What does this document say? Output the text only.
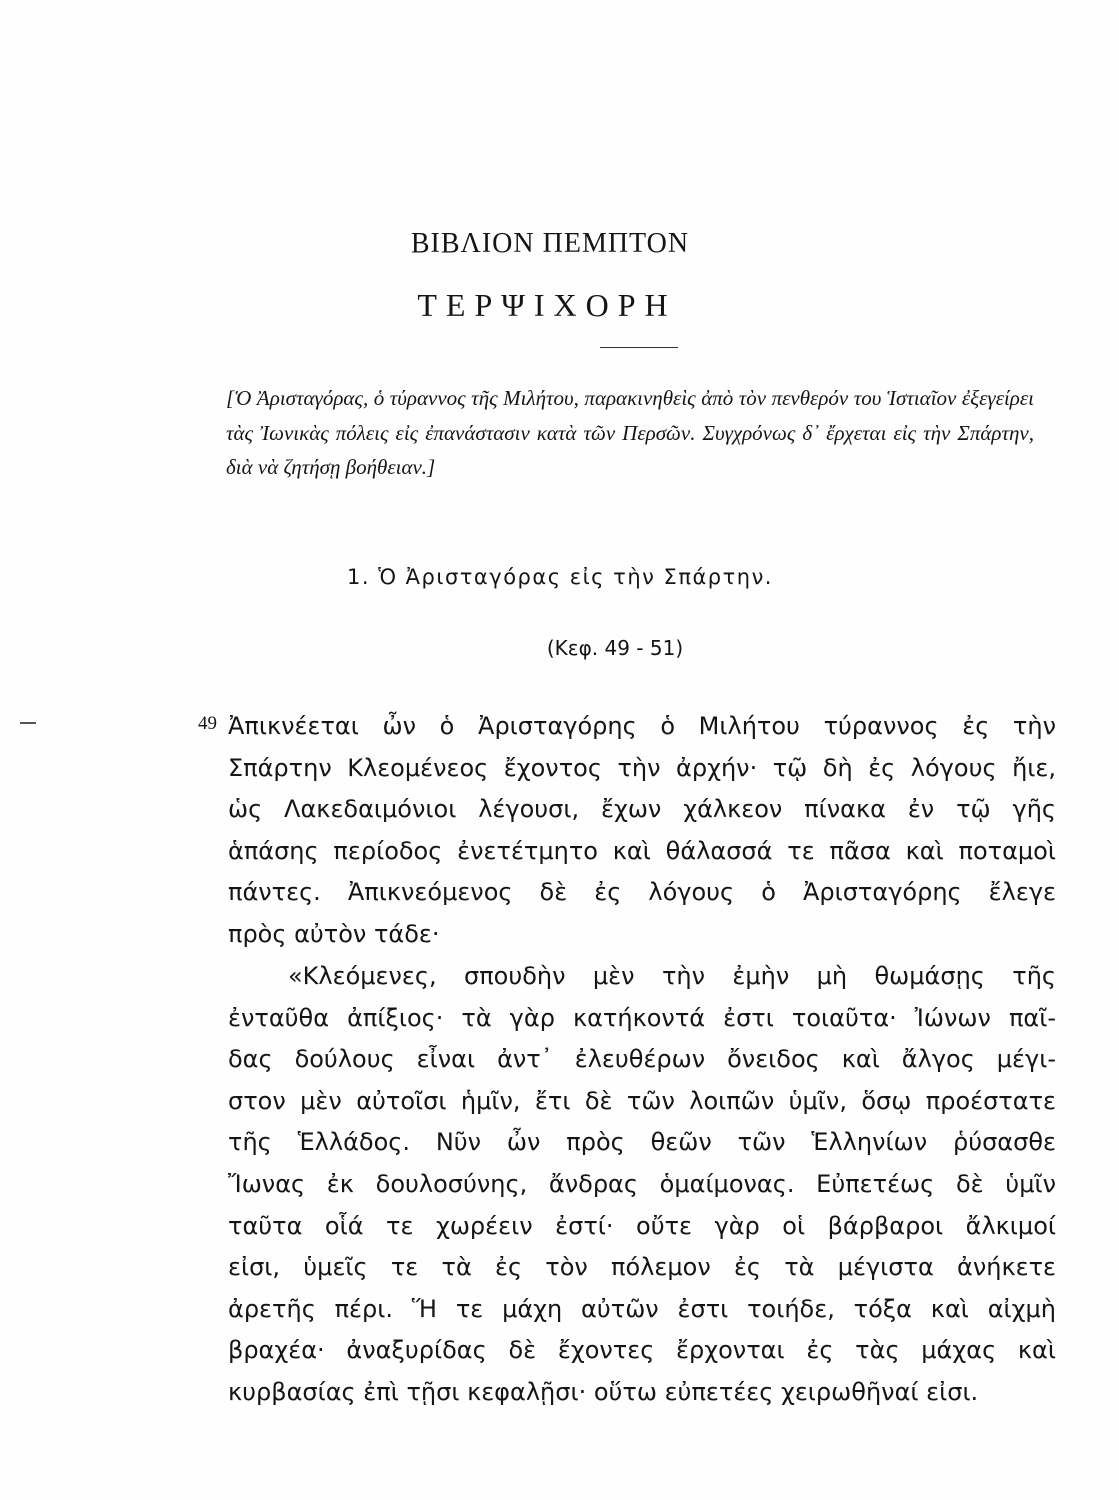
ΒΙΒΛΙΟΝ ΠΕΜΠΤΟΝ
ΤΕΡΨΙΧΟΡΗ
[Ὁ Ἀρισταγόρας, ὁ τύραννος τῆς Μιλήτου, παρακινηθεὶς ἀπὸ τὸν πενθερόν του Ἱστιαῖον ἐξεγείρει τὰς Ἰωνικὰς πόλεις εἰς ἐπανάστασιν κατὰ τῶν Περσῶν. Συγχρόνως δ᾽ ἔρχεται εἰς τὴν Σπάρτην, διὰ νὰ ζητήσῃ βοήθειαν.]
1. Ὁ Ἀρισταγόρας εἰς τὴν Σπάρτην.
(Κεφ. 49 - 51)
49 Ἀπικνέεται ὦν ὁ Ἀρισταγόρης ὁ Μιλήτου τύραννος ἐς τὴν
Σπάρτην Κλεομένεος ἔχοντος τὴν ἀρχήν· τῷ δὴ ἐς λόγους ἤιε,
ὡς Λακεδαιμόνιοι λέγουσι, ἔχων χάλκεον πίνακα ἐν τῷ γῆς
ἁπάσης περίοδος ἐνετέτμητο καὶ θάλασσά τε πᾶσα καὶ ποταμοὶ
πάντες. Ἀπικνεόμενος δὲ ἐς λόγους ὁ Ἀρισταγόρης ἔλεγε
πρὸς αὐτὸν τάδε·
«Κλεόμενες, σπουδὴν μὲν τὴν ἐμὴν μὴ θωμάσῃς τῆς
ἐνταῦθα ἀπίξιος· τὰ γὰρ κατήκοντά ἐστι τοιαῦτα· Ἰώνων παῖ-
δας δούλους εἶναι ἀντ᾽ ἐλευθέρων ὄνειδος καὶ ἄλγος μέγι-
στον μὲν αὐτοῖσι ἡμῖν, ἔτι δὲ τῶν λοιπῶν ὑμῖν, ὅσῳ προέστατε
τῆς Ἑλλάδος. Νῦν ὦν πρὸς θεῶν τῶν Ἑλληνίων ῥύσασθε
Ἴωνας ἐκ δουλοσύνης, ἄνδρας ὁμαίμονας. Εὐπετέως δὲ ὑμῖν
ταῦτα οἷά τε χωρέειν ἐστί· οὔτε γὰρ οἱ βάρβαροι ἄλκιμοί
εἰσι, ὑμεῖς τε τὰ ἐς τὸν πόλεμον ἐς τὰ μέγιστα ἀνήκετε
ἀρετῆς πέρι. Ἥ τε μάχη αὐτῶν ἐστι τοιήδε, τόξα καὶ αἰχμὴ
βραχέα· ἀναξυρίδας δὲ ἔχοντες ἔρχονται ἐς τὰς μάχας καὶ
κυρβασίας ἐπὶ τῇσι κεφαλῇσι· οὕτω εὐπετέες χειρωθῆναί εἰσι.
